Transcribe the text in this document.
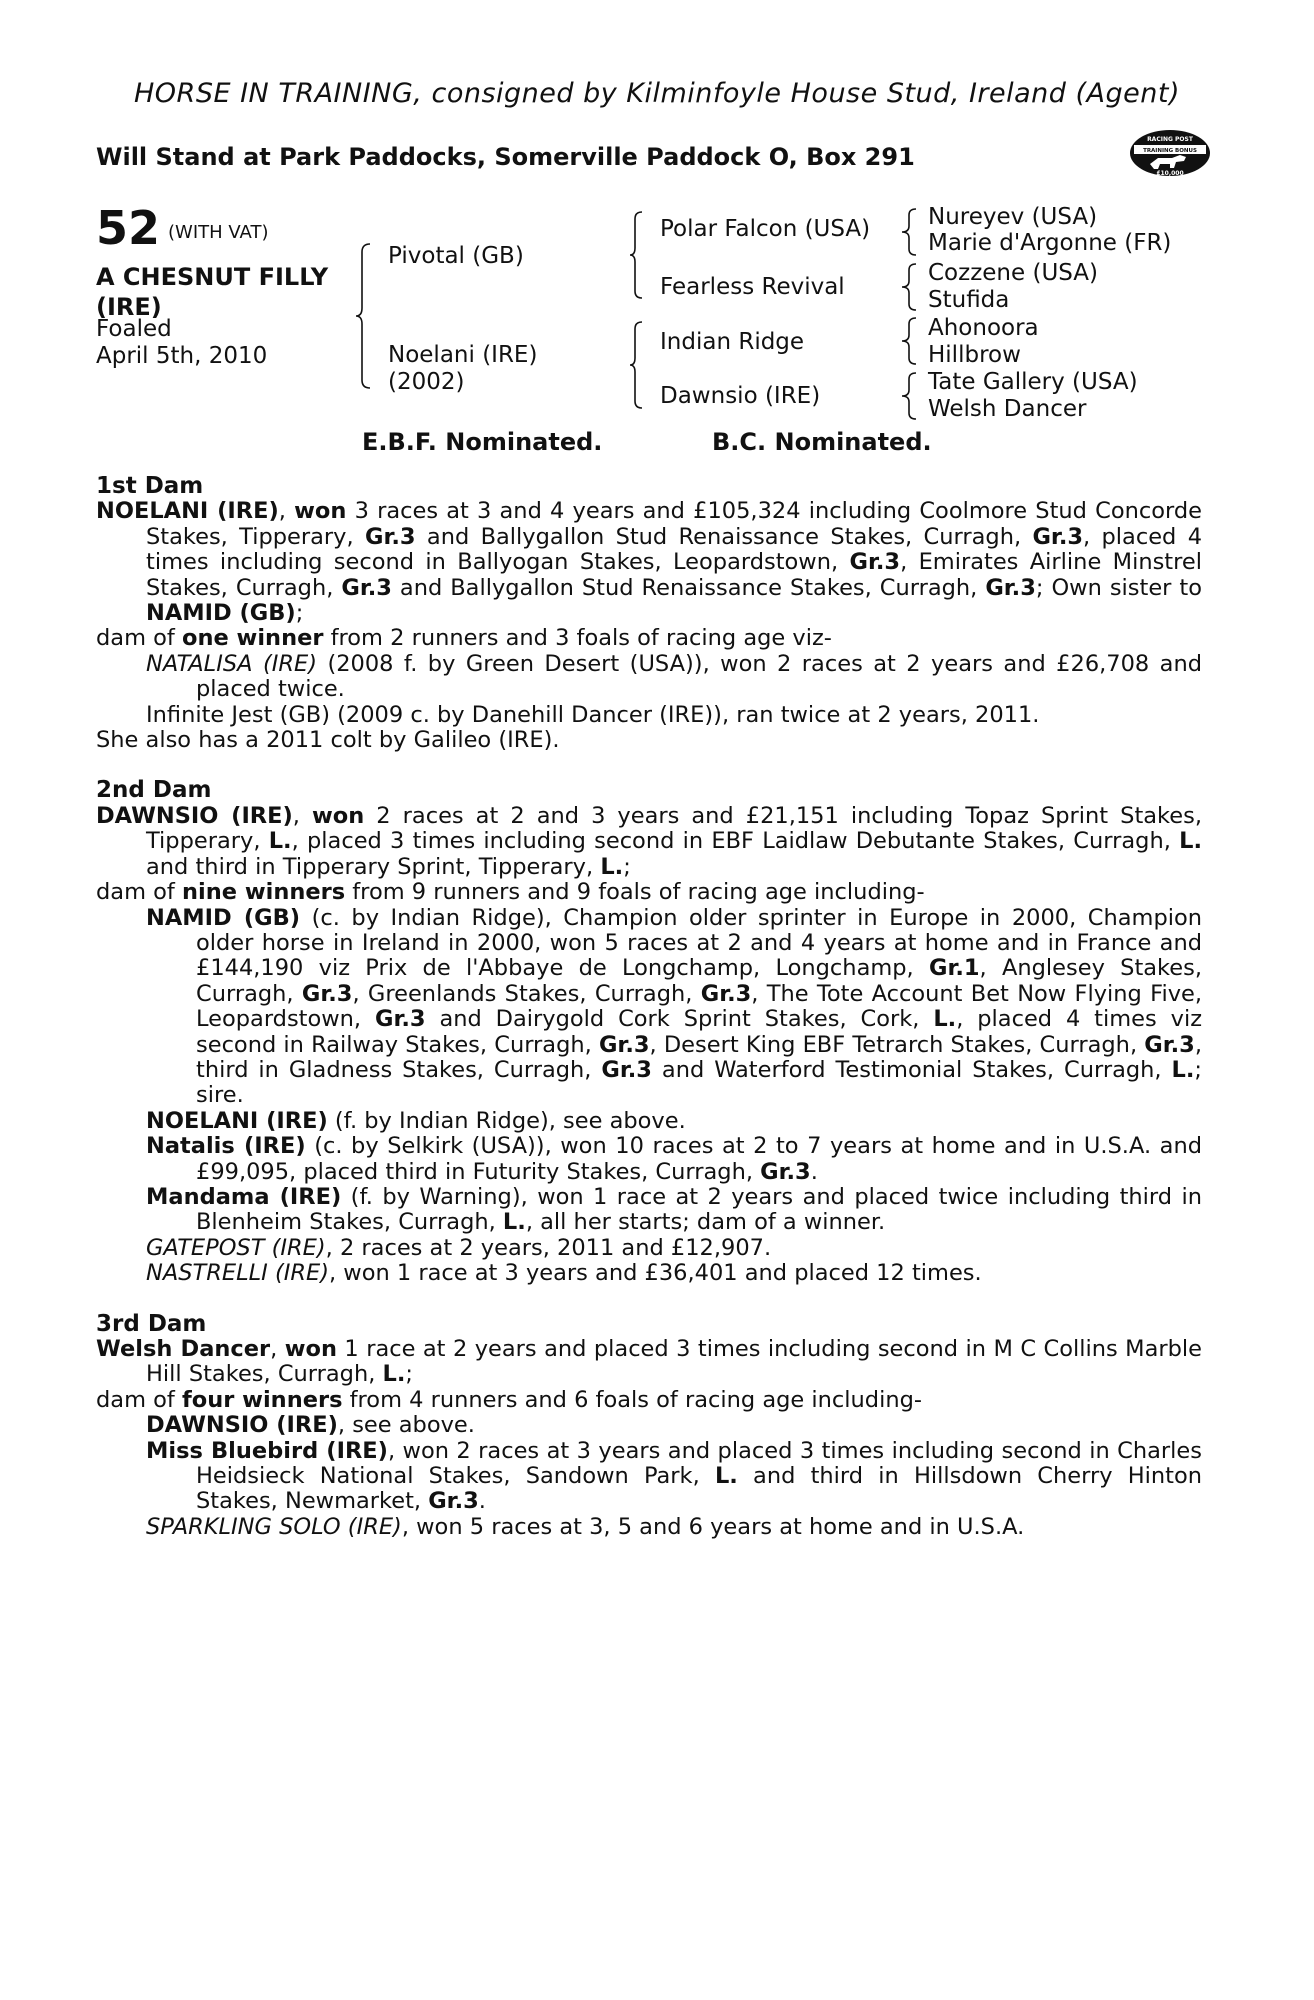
HORSE IN TRAINING, consigned by Kilminfoyle House Stud, Ireland (Agent)
Will Stand at Park Paddocks, Somerville Paddock O, Box 291
RACING POST
TRAINING BONUS
£10,000
52 (WITH VAT)
A CHESNUT FILLY
(IRE)
Foaled
April 5th, 2010
Pivotal (GB)
Noelani (IRE)
(2002)
Polar Falcon (USA)
Fearless Revival
Indian Ridge
Dawnsio (IRE)
Nureyev (USA)
Marie d'Argonne (FR)
Cozzene (USA)
Stufida
Ahonoora
Hillbrow
Tate Gallery (USA)
Welsh Dancer
E.B.F. Nominated.	B.C. Nominated.
1st Dam

NOELANI (IRE), won 3 races at 3 and 4 years and £105,324 including Coolmore Stud Concorde Stakes, Tipperary, Gr.3 and Ballygallon Stud Renaissance Stakes, Curragh, Gr.3, placed 4 times including second in Ballyogan Stakes, Leopardstown, Gr.3, Emirates Airline Minstrel Stakes, Curragh, Gr.3 and Ballygallon Stud Renaissance Stakes, Curragh, Gr.3; Own sister to NAMID (GB);

dam of one winner from 2 runners and 3 foals of racing age viz-

NATALISA (IRE) (2008 f. by Green Desert (USA)), won 2 races at 2 years and £26,708 and placed twice.

Infinite Jest (GB) (2009 c. by Danehill Dancer (IRE)), ran twice at 2 years, 2011.

She also has a 2011 colt by Galileo (IRE).
2nd Dam

DAWNSIO (IRE), won 2 races at 2 and 3 years and £21,151 including Topaz Sprint Stakes, Tipperary, L., placed 3 times including second in EBF Laidlaw Debutante Stakes, Curragh, L. and third in Tipperary Sprint, Tipperary, L.;

dam of nine winners from 9 runners and 9 foals of racing age including-

NAMID (GB) (c. by Indian Ridge), Champion older sprinter in Europe in 2000, Champion older horse in Ireland in 2000, won 5 races at 2 and 4 years at home and in France and £144,190 viz Prix de l'Abbaye de Longchamp, Longchamp, Gr.1, Anglesey Stakes, Curragh, Gr.3, Greenlands Stakes, Curragh, Gr.3, The Tote Account Bet Now Flying Five, Leopardstown, Gr.3 and Dairygold Cork Sprint Stakes, Cork, L., placed 4 times viz second in Railway Stakes, Curragh, Gr.3, Desert King EBF Tetrarch Stakes, Curragh, Gr.3, third in Gladness Stakes, Curragh, Gr.3 and Waterford Testimonial Stakes, Curragh, L.; sire.

NOELANI (IRE) (f. by Indian Ridge), see above.

Natalis (IRE) (c. by Selkirk (USA)), won 10 races at 2 to 7 years at home and in U.S.A. and £99,095, placed third in Futurity Stakes, Curragh, Gr.3.

Mandama (IRE) (f. by Warning), won 1 race at 2 years and placed twice including third in Blenheim Stakes, Curragh, L., all her starts; dam of a winner.

GATEPOST (IRE), 2 races at 2 years, 2011 and £12,907.

NASTRELLI (IRE), won 1 race at 3 years and £36,401 and placed 12 times.

3rd Dam

Welsh Dancer, won 1 race at 2 years and placed 3 times including second in M C Collins Marble Hill Stakes, Curragh, L.;

dam of four winners from 4 runners and 6 foals of racing age including-

DAWNSIO (IRE), see above.

Miss Bluebird (IRE), won 2 races at 3 years and placed 3 times including second in Charles Heidsieck National Stakes, Sandown Park, L. and third in Hillsdown Cherry Hinton Stakes, Newmarket, Gr.3.

SPARKLING SOLO (IRE), won 5 races at 3, 5 and 6 years at home and in U.S.A.
